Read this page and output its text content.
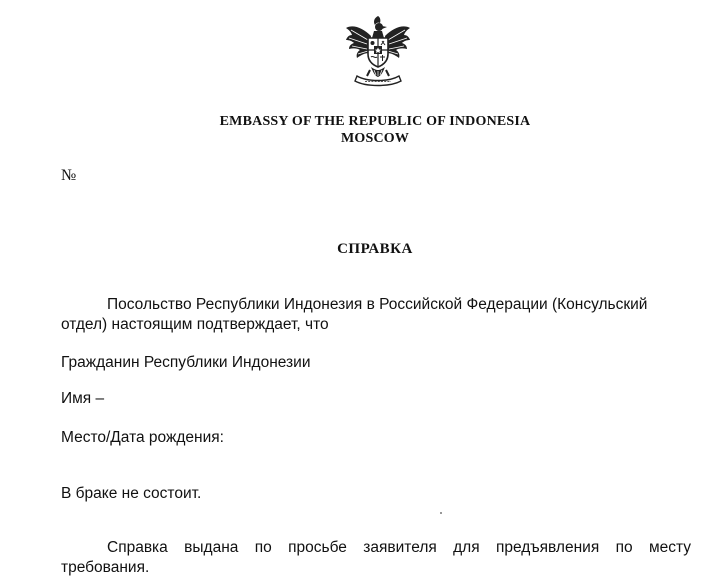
EMBASSY OF THE REPUBLIC OF INDONESIA
MOSCOW
№
СПРАВКА
Посольство Республики Индонезия в Российской Федерации (Консульский
отдел) настоящим подтверждает, что
Гражданин Республики Индонезии
Имя –
Место/Дата рождения:
В браке не состоит.
Справка выдана по просьбе заявителя для предъявления по месту
требования.
